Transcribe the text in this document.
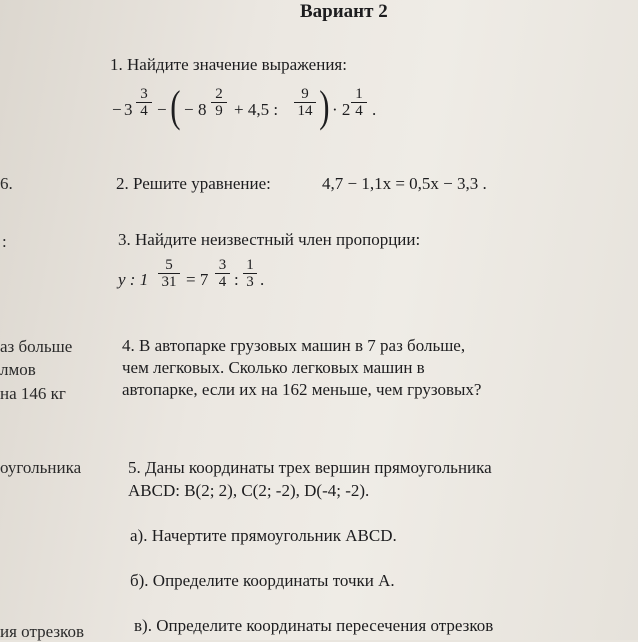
Вариант 2
6.
:
аз больше
лмов
на 146 кг
оугольника
ия отрезков
1. Найдите значение выражения:
− $3 \frac{3}{4}$ − ( − $8 \frac{2}{9} + 4,5$ : $\frac{9}{14}$ ) · $2 \frac{1}{4}$ .
2. Решите уравнение:	4,7 − 1,1x = 0,5x − 3,3 .
3. Найдите неизвестный член пропорции:
y : $1 \frac{5}{31} = 7 \frac{3}{4}$ : $\frac{1}{3}$ .
4. В автопарке грузовых машин в 7 раз больше,
чем легковых. Сколько легковых машин в
автопарке, если их на 162 меньше, чем грузовых?
5. Даны координаты трех вершин прямоугольника
ABCD: B(2; 2), C(2; -2), D(-4; -2).
а). Начертите прямоугольник ABCD.
б). Определите координаты точки А.
в). Определите координаты пересечения отрезков
